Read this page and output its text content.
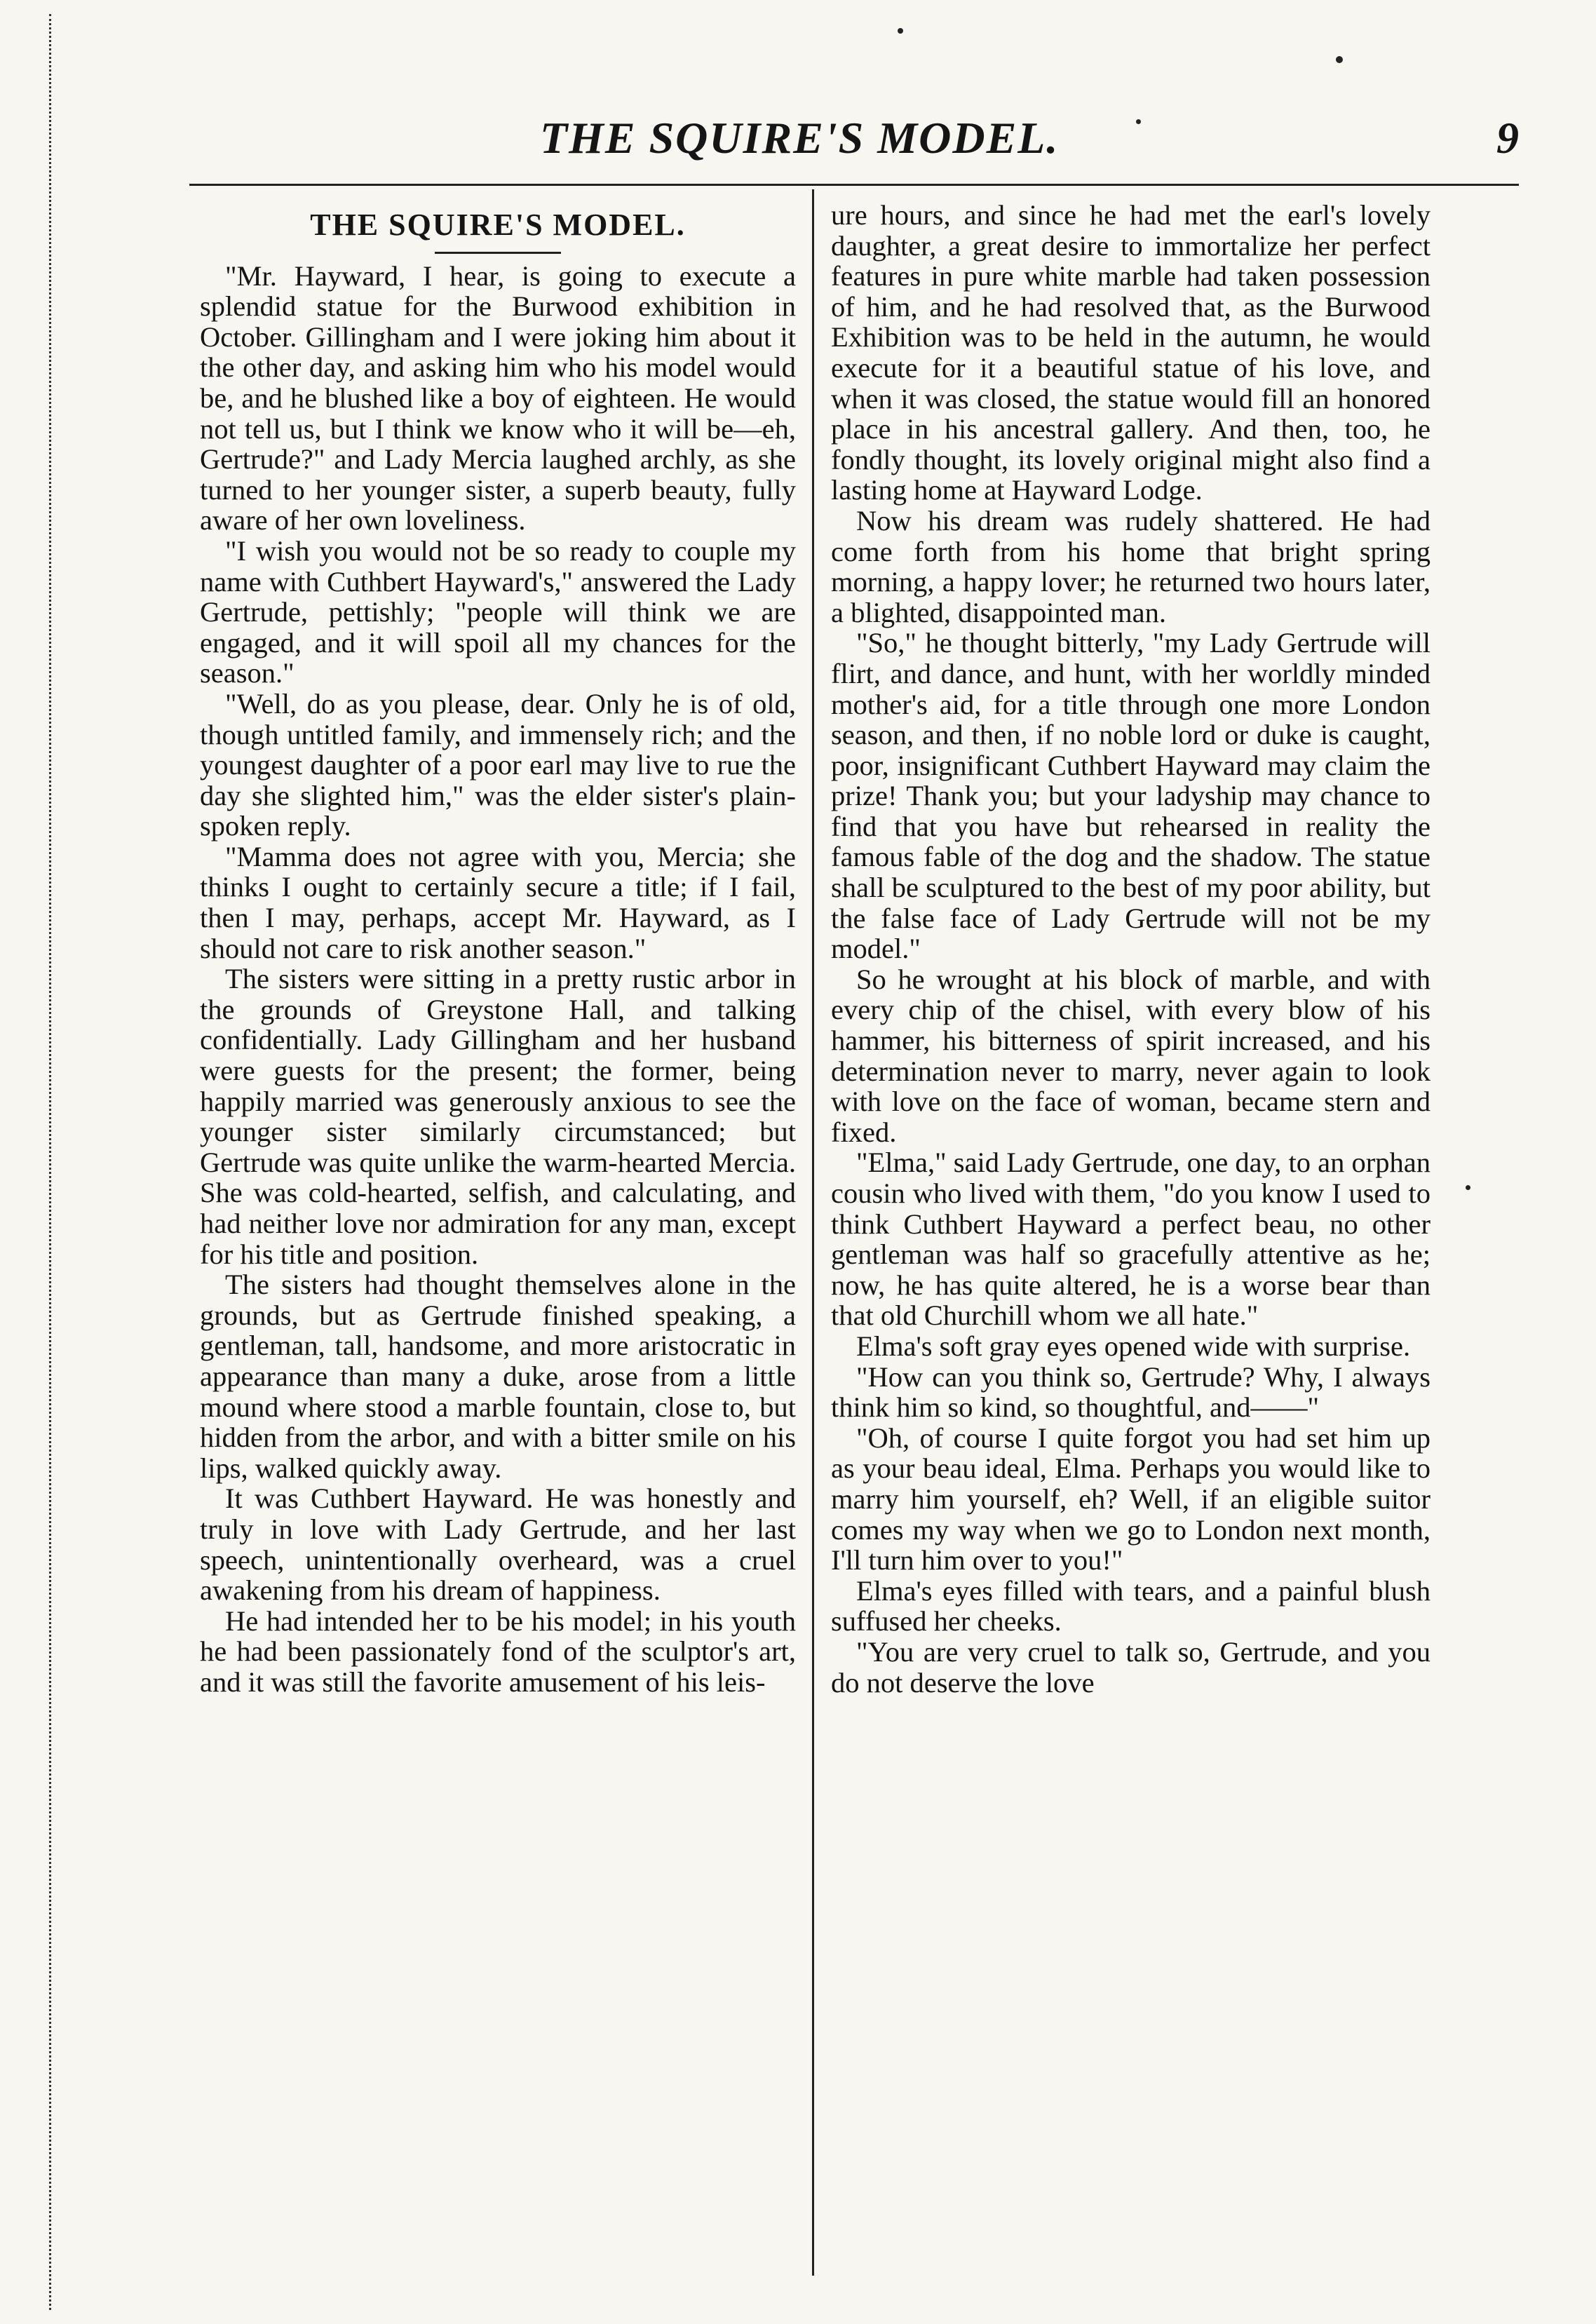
THE SQUIRE'S MODEL.	9
THE SQUIRE'S MODEL.

"Mr. Hayward, I hear, is going to execute a splendid statue for the Burwood exhibition in October. Gillingham and I were joking him about it the other day, and asking him who his model would be, and he blushed like a boy of eighteen. He would not tell us, but I think we know who it will be—eh, Gertrude?" and Lady Mercia laughed archly, as she turned to her younger sister, a superb beauty, fully aware of her own loveliness.

"I wish you would not be so ready to couple my name with Cuthbert Hayward's," answered the Lady Gertrude, pettishly; "people will think we are engaged, and it will spoil all my chances for the season."

"Well, do as you please, dear. Only he is of old, though untitled family, and immensely rich; and the youngest daughter of a poor earl may live to rue the day she slighted him," was the elder sister's plain-spoken reply.

"Mamma does not agree with you, Mercia; she thinks I ought to certainly secure a title; if I fail, then I may, perhaps, accept Mr. Hayward, as I should not care to risk another season."

The sisters were sitting in a pretty rustic arbor in the grounds of Greystone Hall, and talking confidentially. Lady Gillingham and her husband were guests for the present; the former, being happily married was generously anxious to see the younger sister similarly circumstanced; but Gertrude was quite unlike the warm-hearted Mercia. She was cold-hearted, selfish, and calculating, and had neither love nor admiration for any man, except for his title and position.

The sisters had thought themselves alone in the grounds, but as Gertrude finished speaking, a gentleman, tall, handsome, and more aristocratic in appearance than many a duke, arose from a little mound where stood a marble fountain, close to, but hidden from the arbor, and with a bitter smile on his lips, walked quickly away.

It was Cuthbert Hayward. He was honestly and truly in love with Lady Gertrude, and her last speech, unintentionally overheard, was a cruel awakening from his dream of happiness.

He had intended her to be his model; in his youth he had been passionately fond of the sculptor's art, and it was still the favorite amusement of his leis-

ure hours, and since he had met the earl's lovely daughter, a great desire to immortalize her perfect features in pure white marble had taken possession of him, and he had resolved that, as the Burwood Exhibition was to be held in the autumn, he would execute for it a beautiful statue of his love, and when it was closed, the statue would fill an honored place in his ancestral gallery. And then, too, he fondly thought, its lovely original might also find a lasting home at Hayward Lodge.

Now his dream was rudely shattered. He had come forth from his home that bright spring morning, a happy lover; he returned two hours later, a blighted, disappointed man.

"So," he thought bitterly, "my Lady Gertrude will flirt, and dance, and hunt, with her worldly minded mother's aid, for a title through one more London season, and then, if no noble lord or duke is caught, poor, insignificant Cuthbert Hayward may claim the prize! Thank you; but your ladyship may chance to find that you have but rehearsed in reality the famous fable of the dog and the shadow. The statue shall be sculptured to the best of my poor ability, but the false face of Lady Gertrude will not be my model."

So he wrought at his block of marble, and with every chip of the chisel, with every blow of his hammer, his bitterness of spirit increased, and his determination never to marry, never again to look with love on the face of woman, became stern and fixed.

"Elma," said Lady Gertrude, one day, to an orphan cousin who lived with them, "do you know I used to think Cuthbert Hayward a perfect beau, no other gentleman was half so gracefully attentive as he; now, he has quite altered, he is a worse bear than that old Churchill whom we all hate."

Elma's soft gray eyes opened wide with surprise.

"How can you think so, Gertrude? Why, I always think him so kind, so thoughtful, and——"

"Oh, of course I quite forgot you had set him up as your beau ideal, Elma. Perhaps you would like to marry him yourself, eh? Well, if an eligible suitor comes my way when we go to London next month, I'll turn him over to you!"

Elma's eyes filled with tears, and a painful blush suffused her cheeks.

"You are very cruel to talk so, Gertrude, and you do not deserve the love
